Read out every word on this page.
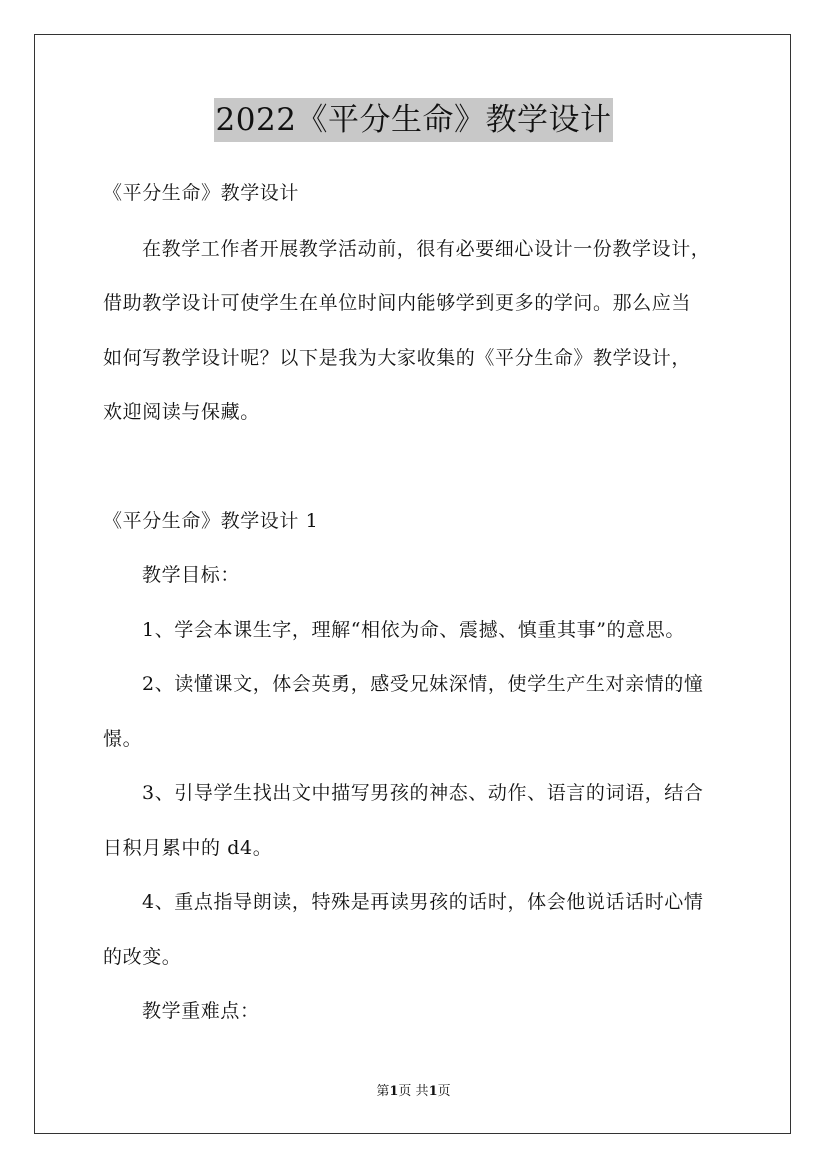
2022《平分生命》教学设计
《平分生命》教学设计
在教学工作者开展教学活动前，很有必要细心设计一份教学设计，
借助教学设计可使学生在单位时间内能够学到更多的学问。那么应当
如何写教学设计呢？以下是我为大家收集的《平分生命》教学设计，
欢迎阅读与保藏。
《平分生命》教学设计 1
教学目标：
1、学会本课生字，理解“相依为命、震撼、慎重其事”的意思。
2、读懂课文，体会英勇，感受兄妹深情，使学生产生对亲情的憧
憬。
3、引导学生找出文中描写男孩的神态、动作、语言的词语，结合
日积月累中的 d4。
4、重点指导朗读，特殊是再读男孩的话时，体会他说话话时心情
的改变。
教学重难点：
第1页 共1页
